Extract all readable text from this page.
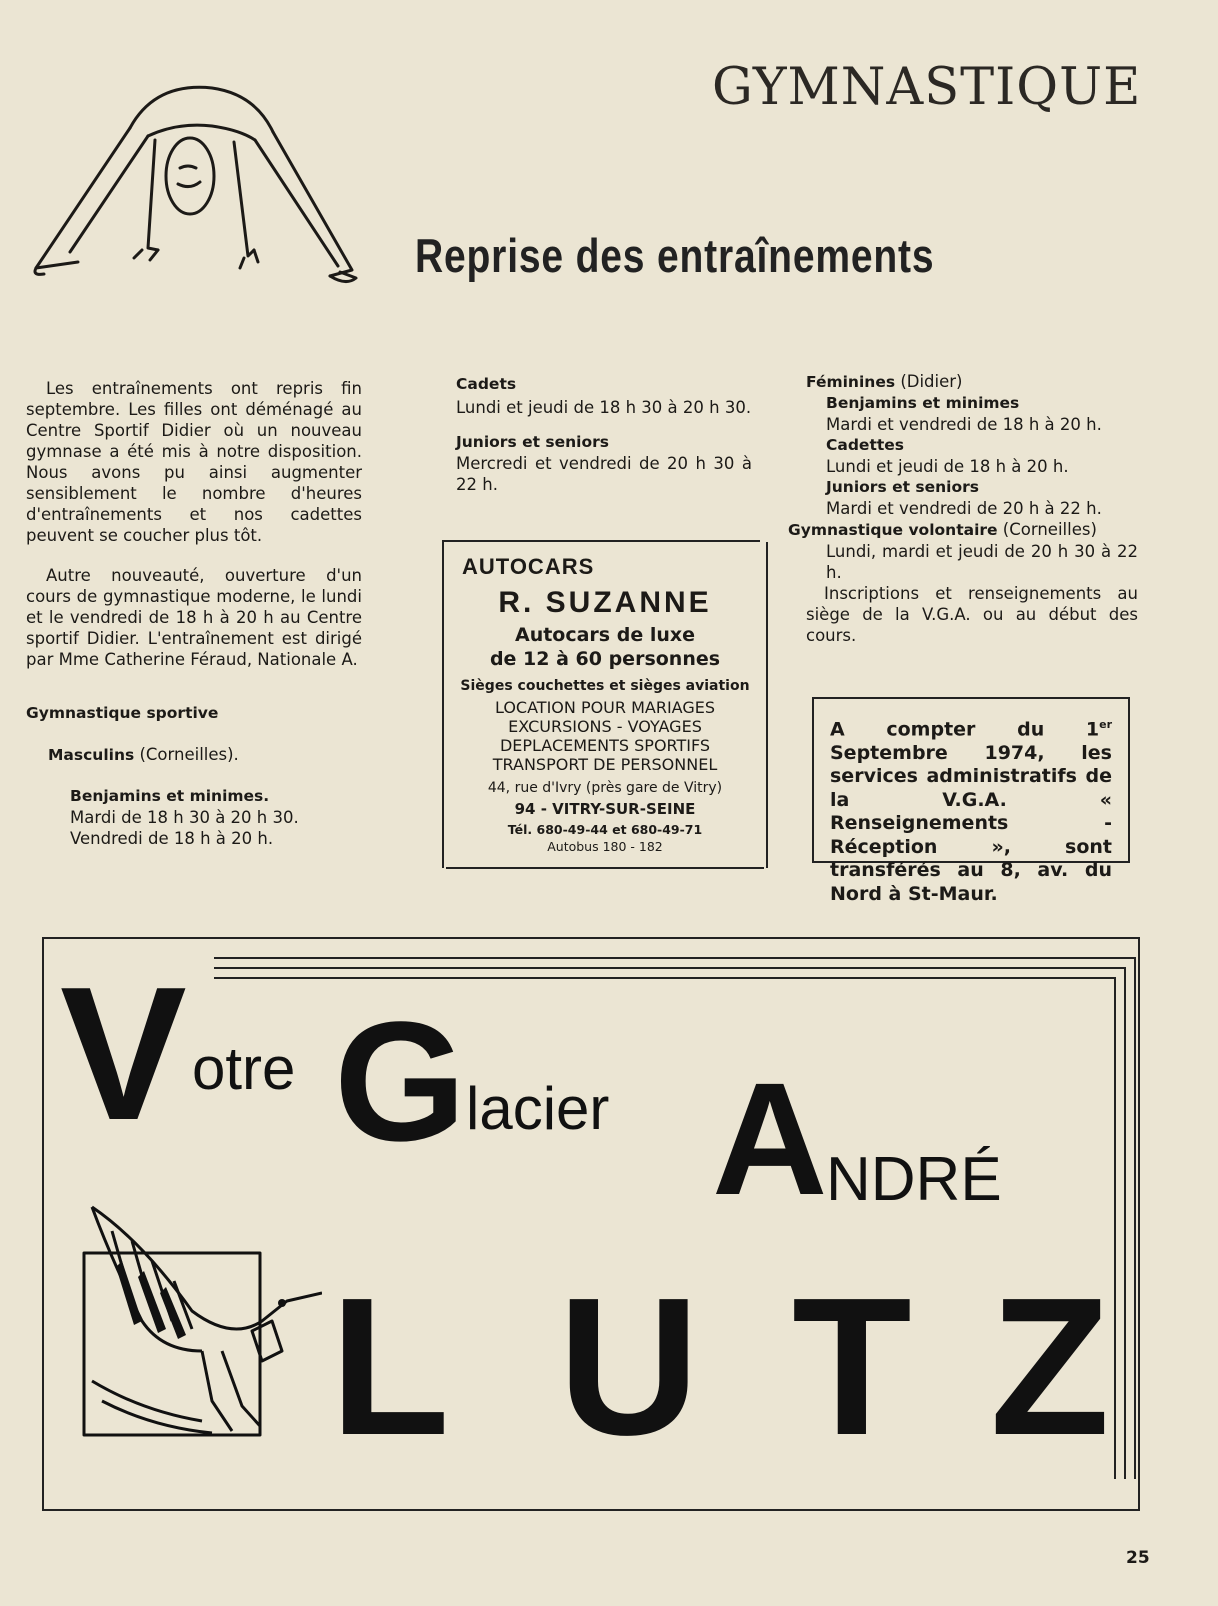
GYMNASTIQUE
Reprise des entraînements

Les entraînements ont repris fin septembre. Les filles ont déménagé au Centre Sportif Didier où un nouveau gymnase a été mis à notre disposition. Nous avons pu ainsi augmenter sensiblement le nombre d'heures d'entraînements et nos cadettes peuvent se coucher plus tôt.

Autre nouveauté, ouverture d'un cours de gymnastique moderne, le lundi et le vendredi de 18 h à 20 h au Centre sportif Didier. L'entraînement est dirigé par Mme Catherine Féraud, Nationale A.

Gymnastique sportive

Masculins (Corneilles).

Benjamins et minimes.

Mardi de 18 h 30 à 20 h 30.

Vendredi de 18 h à 20 h.

Cadets

Lundi et jeudi de 18 h 30 à 20 h 30.

Juniors et seniors

Mercredi et vendredi de 20 h 30 à 22 h.

Féminines (Didier)

Benjamins et minimes

Mardi et vendredi de 18 h à 20 h.

Cadettes

Lundi et jeudi de 18 h à 20 h.

Juniors et seniors

Mardi et vendredi de 20 h à 22 h.

Gymnastique volontaire (Corneilles)

Lundi, mardi et jeudi de 20 h 30 à 22 h.

Inscriptions et renseignements au siège de la V.G.A. ou au début des cours.

AUTOCARS
R. SUZANNE
Autocars de luxe
de 12 à 60 personnes
Sièges couchettes et sièges aviation
LOCATION POUR MARIAGES
EXCURSIONS - VOYAGES
DEPLACEMENTS SPORTIFS
TRANSPORT DE PERSONNEL
44, rue d'Ivry (près gare de Vitry)
94 - VITRY-SUR-SEINE
Tél. 680-49-44 et 680-49-71
Autobus 180 - 182
A compter du 1er Septembre 1974, les services administratifs de la V.G.A. « Renseignements - Réception », sont transférés au 8, av. du Nord à St-Maur.
V otre G lacier A
NDRÉ
L U T Z
25
